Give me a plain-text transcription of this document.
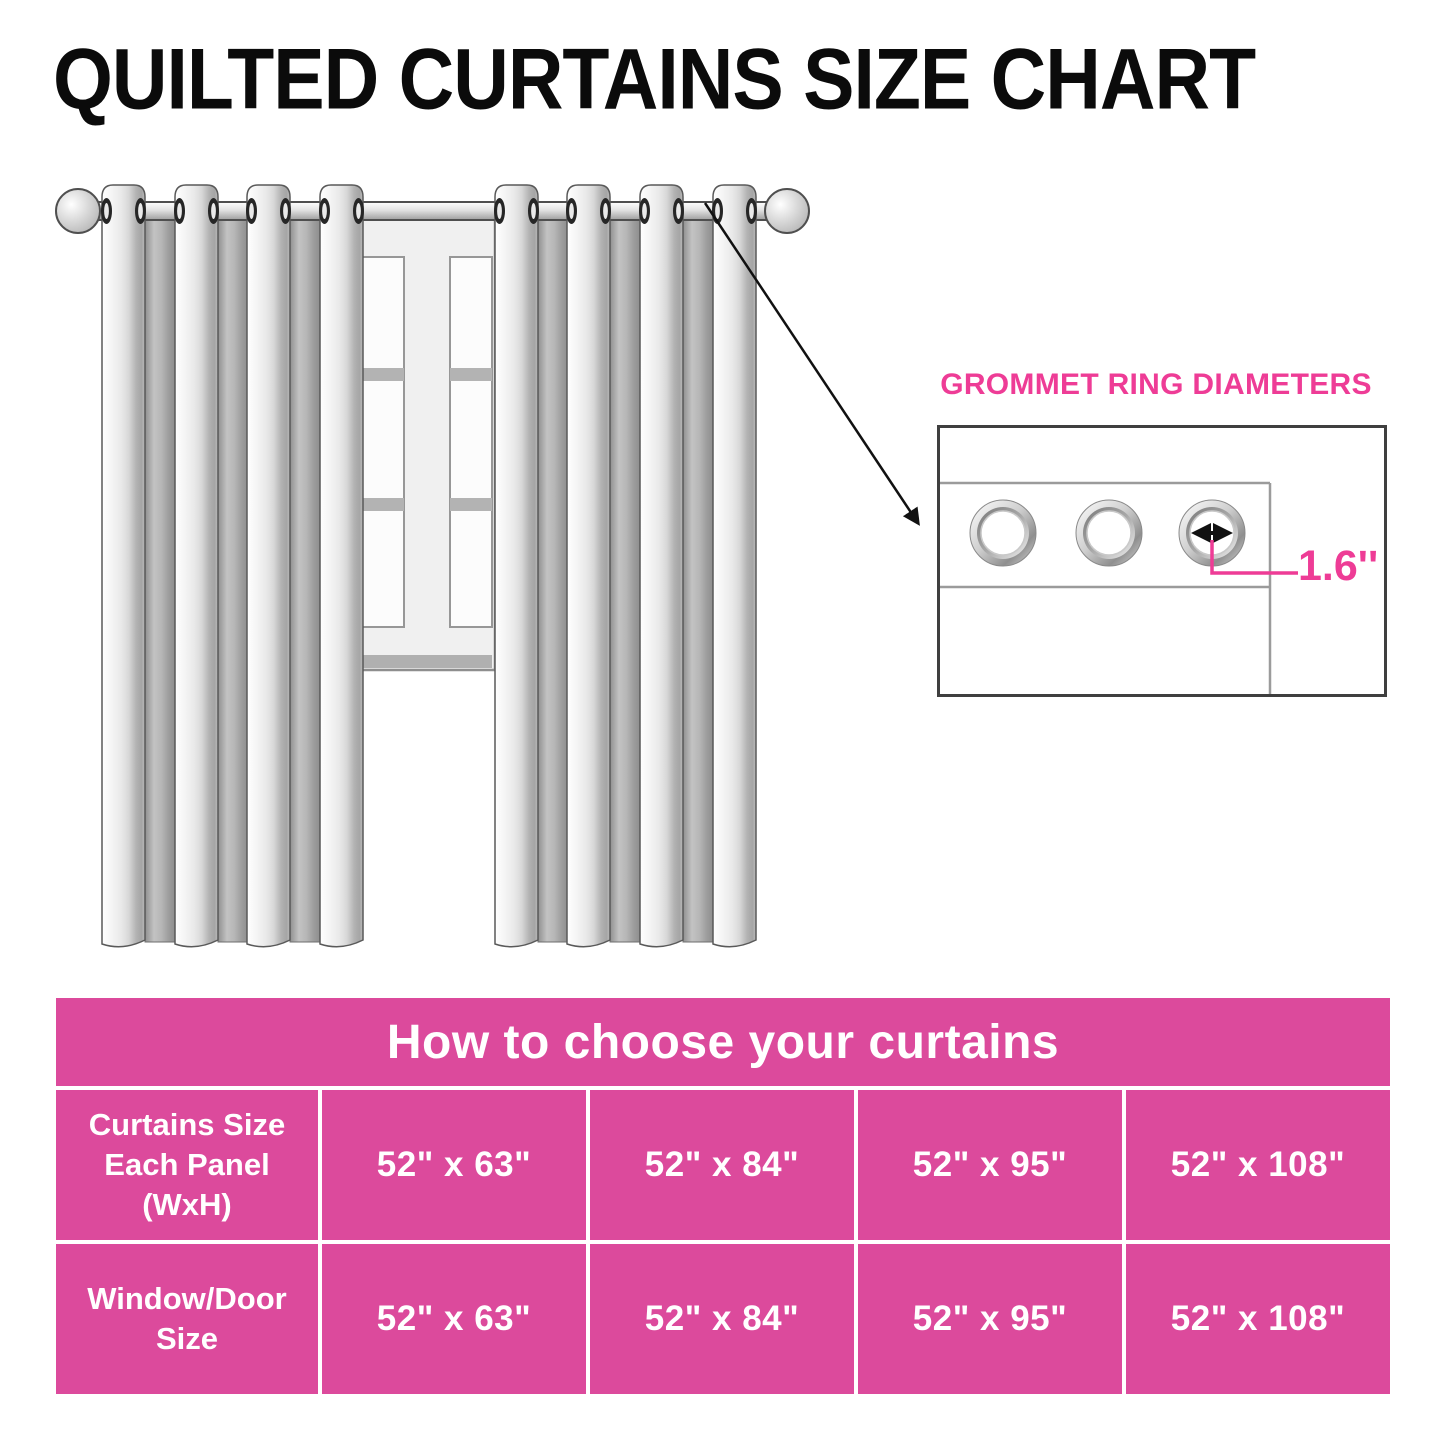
QUILTED CURTAINS SIZE CHART
GROMMET RING DIAMETERS
1.6''
How to choose your curtains
Curtains Size Each Panel (WxH)
52" x 63"	52" x 84"	52" x 95"	52" x 108"
Window/Door Size
52" x 63"	52" x 84"	52" x 95"	52" x 108"
